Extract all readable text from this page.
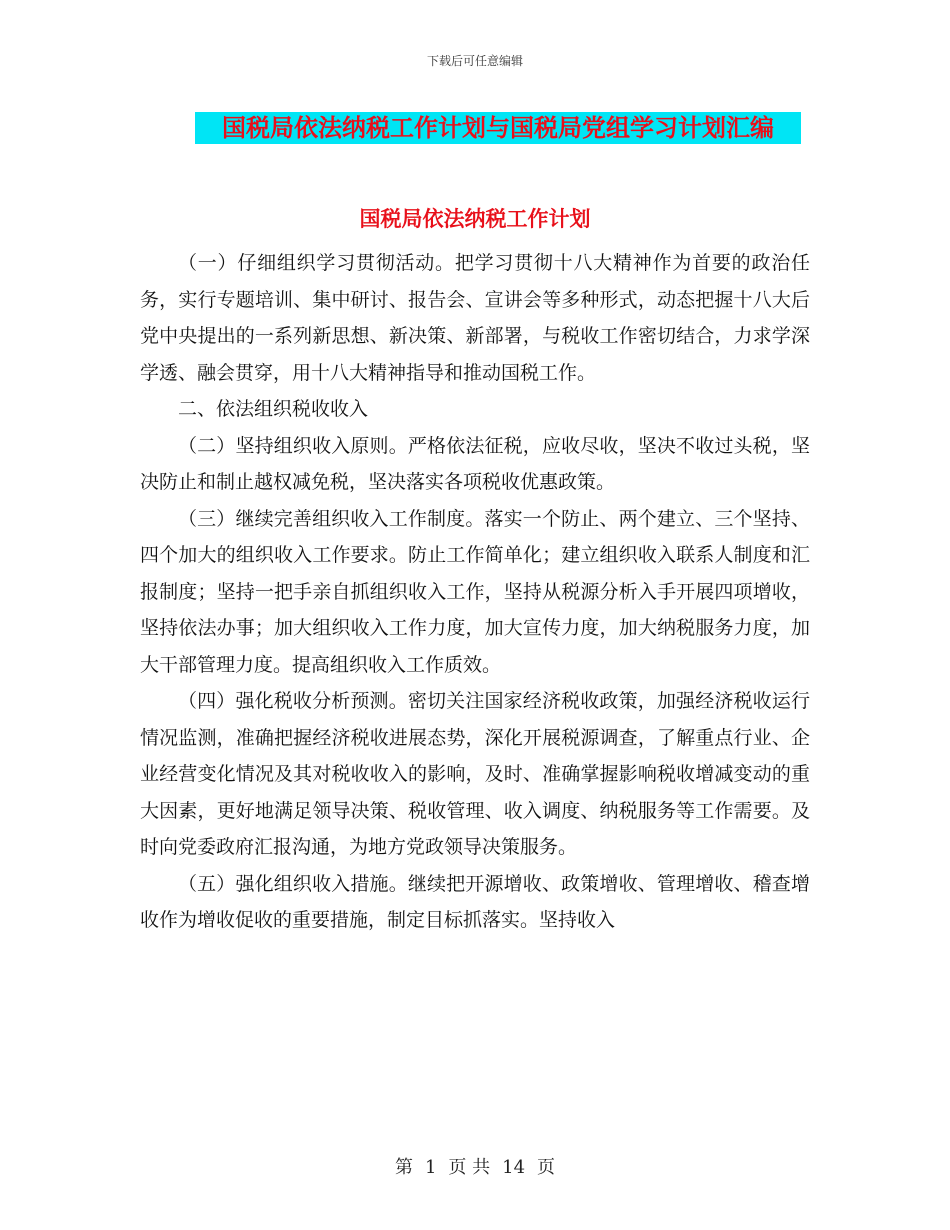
下载后可任意编辑
国税局依法纳税工作计划与国税局党组学习计划汇编
国税局依法纳税工作计划

（一）仔细组织学习贯彻活动。把学习贯彻十八大精神作为首要的政治任务，实行专题培训、集中研讨、报告会、宣讲会等多种形式，动态把握十八大后党中央提出的一系列新思想、新决策、新部署，与税收工作密切结合，力求学深学透、融会贯穿，用十八大精神指导和推动国税工作。

二、依法组织税收收入

（二）坚持组织收入原则。严格依法征税，应收尽收，坚决不收过头税，坚决防止和制止越权减免税，坚决落实各项税收优惠政策。

（三）继续完善组织收入工作制度。落实一个防止、两个建立、三个坚持、四个加大的组织收入工作要求。防止工作简单化；建立组织收入联系人制度和汇报制度；坚持一把手亲自抓组织收入工作，坚持从税源分析入手开展四项增收，坚持依法办事；加大组织收入工作力度，加大宣传力度，加大纳税服务力度，加大干部管理力度。提高组织收入工作质效。

（四）强化税收分析预测。密切关注国家经济税收政策，加强经济税收运行情况监测，准确把握经济税收进展态势，深化开展税源调查，了解重点行业、企业经营变化情况及其对税收收入的影响，及时、准确掌握影响税收增减变动的重大因素，更好地满足领导决策、税收管理、收入调度、纳税服务等工作需要。及时向党委政府汇报沟通，为地方党政领导决策服务。

（五）强化组织收入措施。继续把开源增收、政策增收、管理增收、稽查增收作为增收促收的重要措施，制定目标抓落实。坚持收入

第 1 页 共 14 页
